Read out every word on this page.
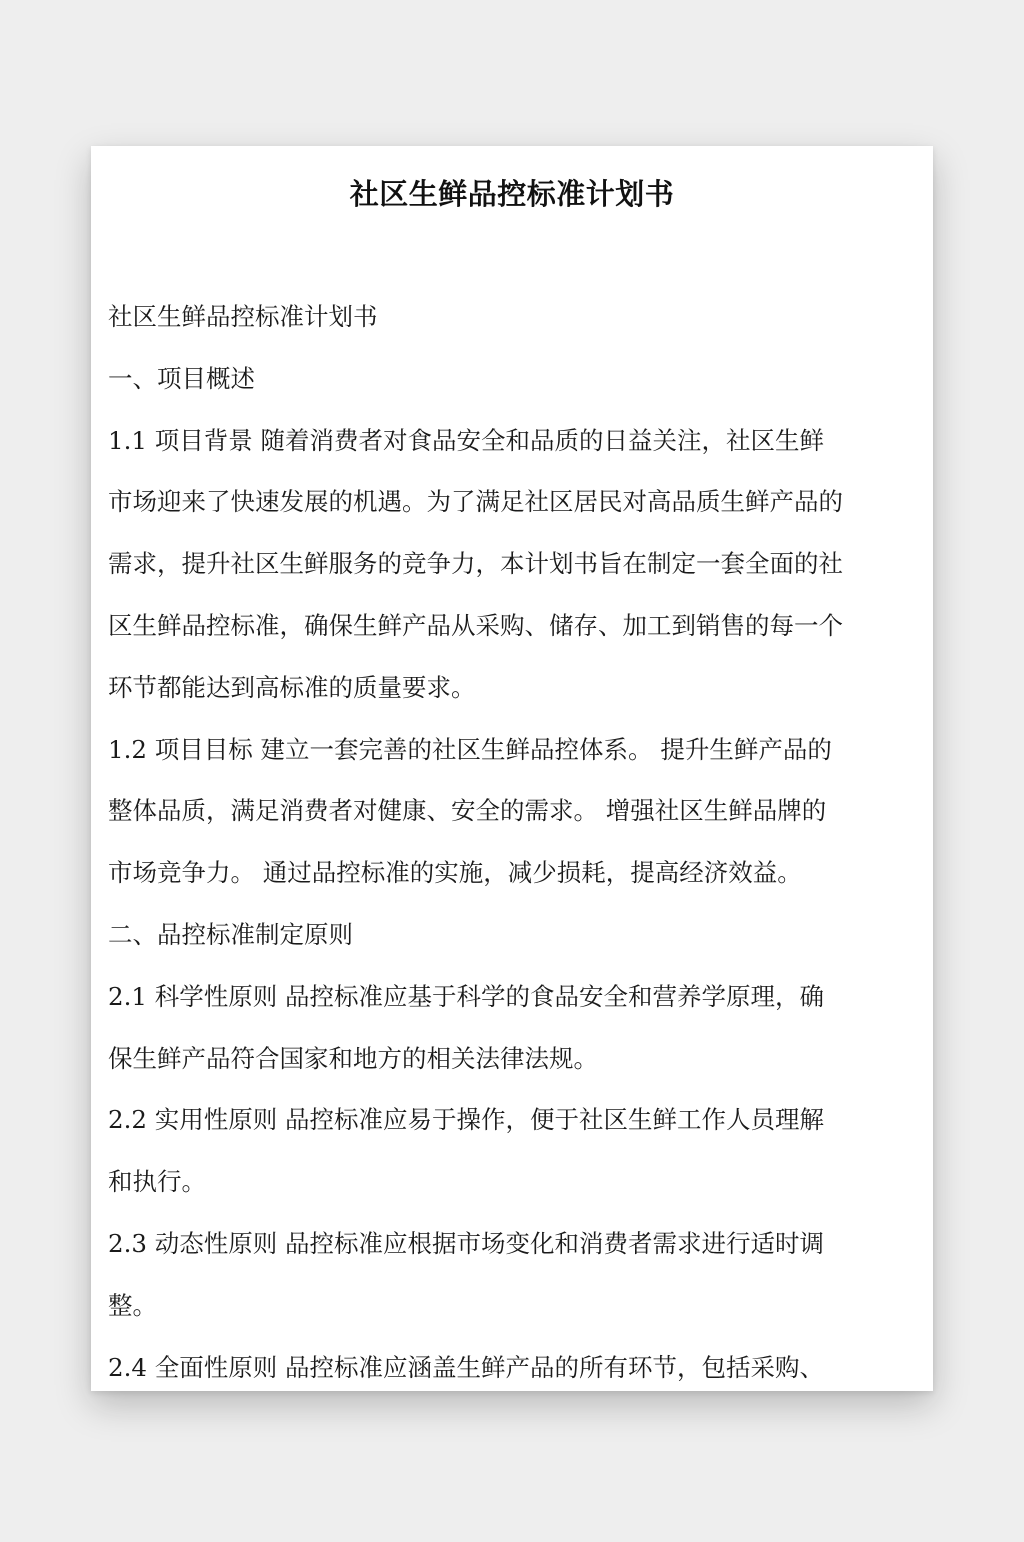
社区生鲜品控标准计划书
社区生鲜品控标准计划书
一、项目概述
1.1 项目背景 随着消费者对食品安全和品质的日益关注，社区生鲜
市场迎来了快速发展的机遇。为了满足社区居民对高品质生鲜产品的
需求，提升社区生鲜服务的竞争力，本计划书旨在制定一套全面的社
区生鲜品控标准，确保生鲜产品从采购、储存、加工到销售的每一个
环节都能达到高标准的质量要求。
1.2 项目目标 建立一套完善的社区生鲜品控体系。 提升生鲜产品的
整体品质，满足消费者对健康、安全的需求。 增强社区生鲜品牌的
市场竞争力。 通过品控标准的实施，减少损耗，提高经济效益。
二、品控标准制定原则
2.1 科学性原则 品控标准应基于科学的食品安全和营养学原理，确
保生鲜产品符合国家和地方的相关法律法规。
2.2 实用性原则 品控标准应易于操作，便于社区生鲜工作人员理解
和执行。
2.3 动态性原则 品控标准应根据市场变化和消费者需求进行适时调
整。
2.4 全面性原则 品控标准应涵盖生鲜产品的所有环节，包括采购、
